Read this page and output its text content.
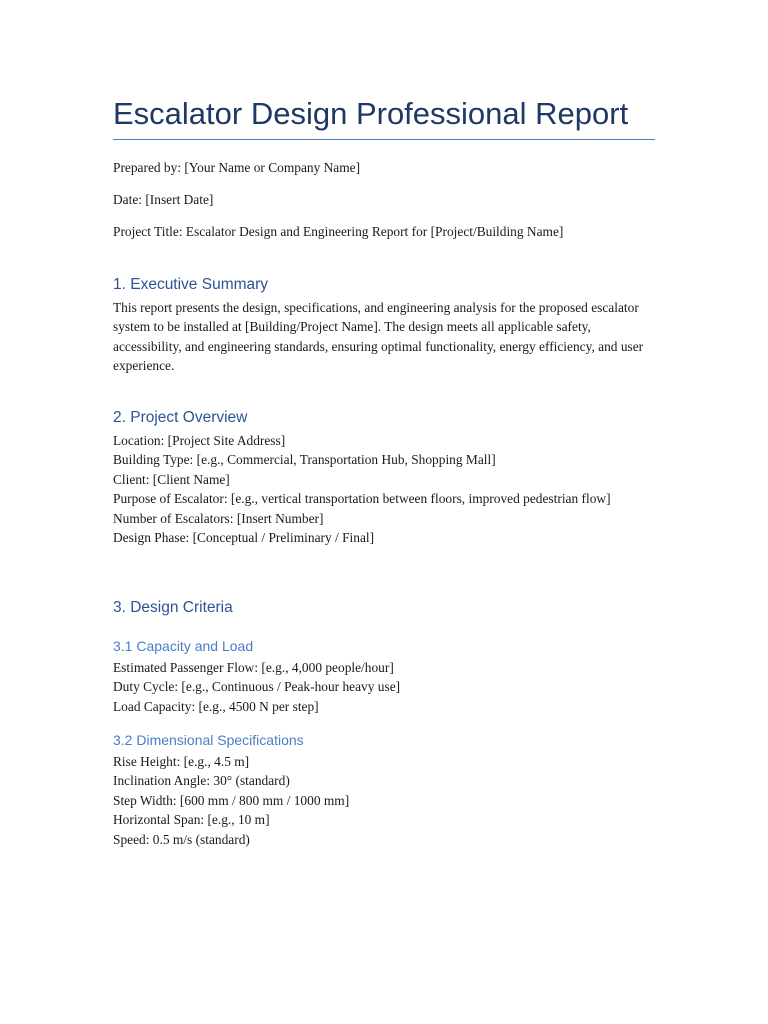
Escalator Design Professional Report
Prepared by: [Your Name or Company Name]
Date: [Insert Date]
Project Title: Escalator Design and Engineering Report for [Project/Building Name]
1. Executive Summary
This report presents the design, specifications, and engineering analysis for the proposed escalator system to be installed at [Building/Project Name]. The design meets all applicable safety, accessibility, and engineering standards, ensuring optimal functionality, energy efficiency, and user experience.
2. Project Overview
Location: [Project Site Address]
Building Type: [e.g., Commercial, Transportation Hub, Shopping Mall]
Client: [Client Name]
Purpose of Escalator: [e.g., vertical transportation between floors, improved pedestrian flow]
Number of Escalators: [Insert Number]
Design Phase: [Conceptual / Preliminary / Final]
3. Design Criteria
3.1 Capacity and Load
Estimated Passenger Flow: [e.g., 4,000 people/hour]
Duty Cycle: [e.g., Continuous / Peak-hour heavy use]
Load Capacity: [e.g., 4500 N per step]
3.2 Dimensional Specifications
Rise Height: [e.g., 4.5 m]
Inclination Angle: 30° (standard)
Step Width: [600 mm / 800 mm / 1000 mm]
Horizontal Span: [e.g., 10 m]
Speed: 0.5 m/s (standard)
